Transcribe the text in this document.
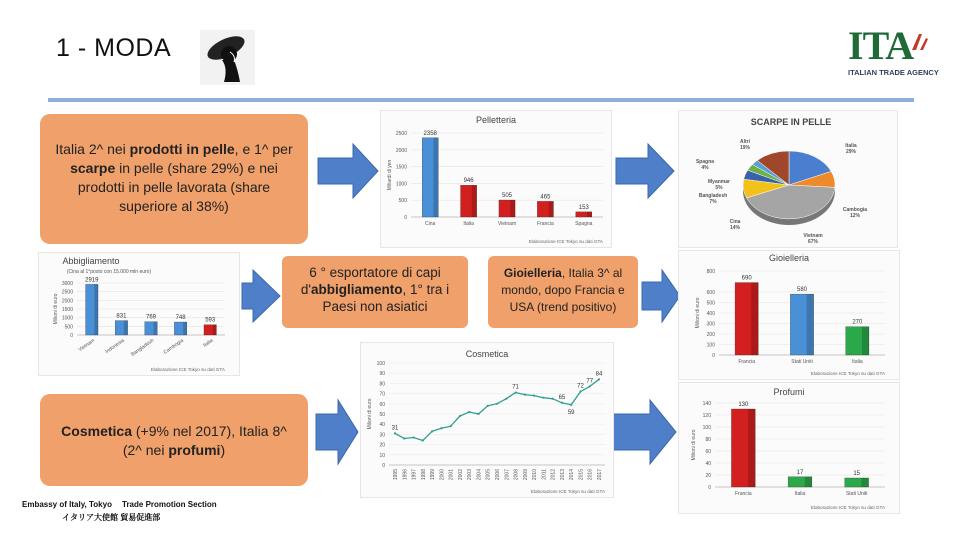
1 - MODA	ITA
ITALIAN TRADE AGENCY
Italia 2^ nei prodotti in pelle, e 1^ per scarpe in pelle (share 29%) e nei prodotti in pelle lavorata (share superiore al 38%)
6 ° esportatore di capi d'abbigliamento, 1° tra i Paesi non asiatici
Gioielleria, Italia 3^ al mondo, dopo Francia e USA (trend positivo)
Cosmetica (+9% nel 2017), Italia 8^ (2^ nei profumi)
Pelletteria
0
500
1000
1500
2000
2500
Miliardi di yen
2358
Cina
946
Italia
505
Vietnam
465
Francia
153
Spagna
Elaborazione ICE Tokyo su dati GTA
SCARPE IN PELLE
Italia
29%
Cambogia
12%
Vietnam
67%
Cina
14%
Bangladesh
7%
Myanmar
5%
Spagna
4%
Altri
19%
Abbigliamento
(Cina al 1°posto con 15.000 mln euro)
0
500
1000
1500
2000
2500
3000
Milioni di euro
2919
Vietnam
831
Indonesia
769
Bangladesh
748
Cambogia
593
Italia
Elaborazione ICE Tokyo su dati GTA
Gioielleria
0
100
200
300
400
500
600
800
Milioni di euro
690
Francia
580
Stati Uniti
270
Italia
Elaborazione ICE Tokyo su dati GTA
Cosmetica
0
10
20
30
40
50
60
70
80
90
100
Milioni di euro
1995 1996 1997 1998 1999 2000 2001 2002 2003 2004 2005 2006 2007 2008 2009 2010 2011 2012 2013 2014 2015 2016 2017
31
71
65
59
72
77
84
Elaborazione ICE Tokyo su dati GTA
Profumi
0
20
40
60
80
100
120
140
Milioni di euro
130
Francia
17
Italia
15
Stati Uniti
Elaborazione ICE Tokyo su dati GTA
Embassy of Italy, Tokyo Trade Promotion Section
イタリア大使館 貿易促進部
